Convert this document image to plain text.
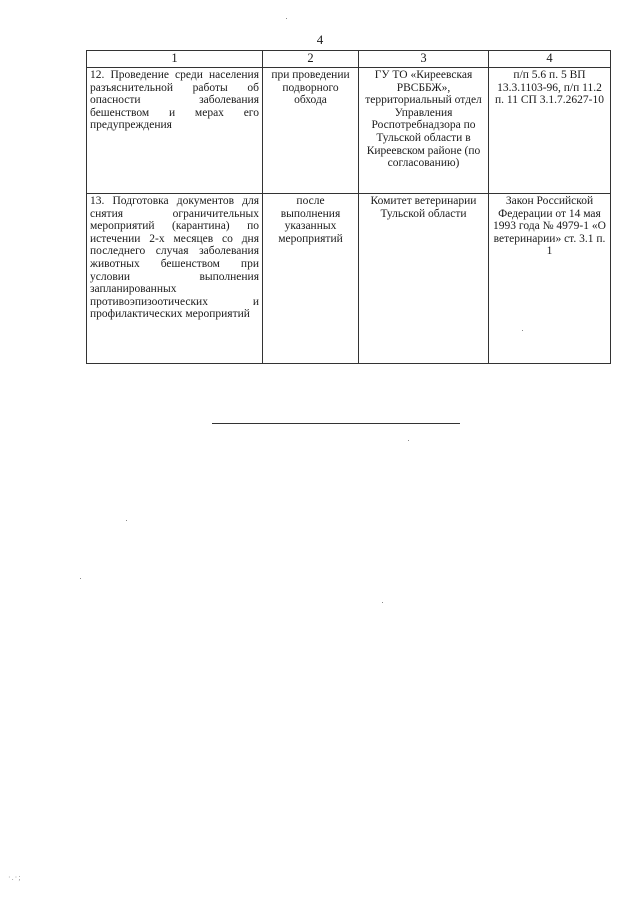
4
1	2	3	4
12. Проведение среди населения разъяснительной работы об опасности заболевания бешенством и мерах его предупреждения	при проведении подворного обхода	ГУ ТО «Киреевская РВСББЖ», территориальный отдел Управления Роспотребнадзора по Тульской области в Киреевском районе (по согласованию)	п/п 5.6 п. 5 ВП 13.3.1103-96, п/п 11.2 п. 11 СП 3.1.7.2627-10
13. Подготовка документов для снятия ограничительных мероприятий (карантина) по истечении 2-х месяцев со дня последнего случая заболевания животных бешенством при условии выполнения запланированных противоэпизоотических и профилактических мероприятий	после выполнения указанных мероприятий	Комитет ветеринарии Тульской области	Закон Российской Федерации от 14 мая 1993 года № 4979-1 «О ветеринарии» ст. 3.1 п. 1
·.·;
